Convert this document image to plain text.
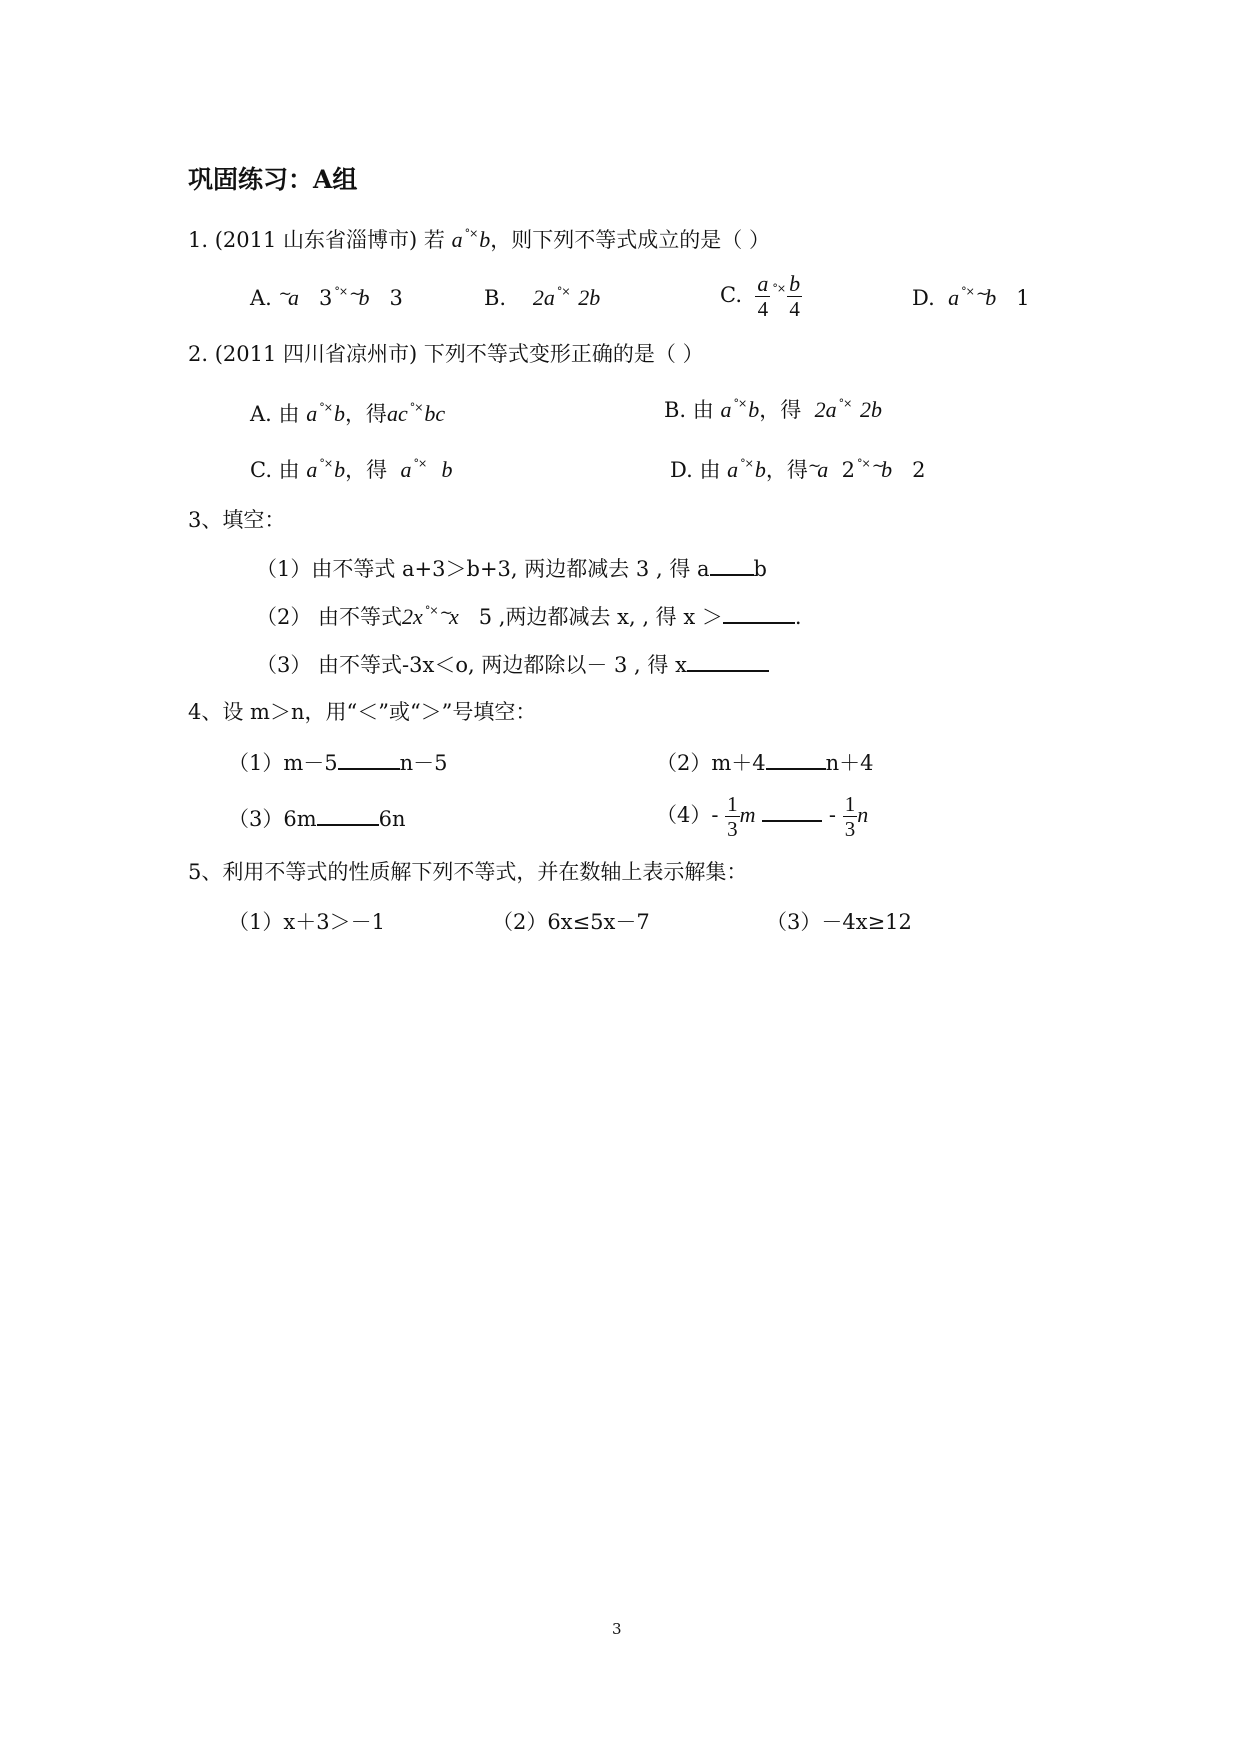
巩固练习：A组
1. (2011 山东省淄博市) 若 a °×b，则下列不等式成立的是（ ）
A. ~a 3 °× ~b 3	B. 2a °× 2b	C. $\frac{a}{4} ^{^\circ\times} \frac{b}{4}$	D. a °× ~b 1
2. (2011 四川省凉州市) 下列不等式变形正确的是（ ）
A. 由 a °×b，得ac °×bc	B. 由 a °×b，得 2a °× 2b
C. 由 a °×b，得 a °× b	D. 由 a °×b，得~a 2 °× ~b 2
3、填空：
（1）由不等式 a+3＞b+3, 两边都减去 3 , 得 a b
（2） 由不等式2x °× ~x 5 ,两边都减去 x, , 得 x ＞	.
（3） 由不等式-3x＜o, 两边都除以－ 3 , 得 x
4、设 m＞n，用“＜”或“＞”号填空：
（1）m－5	n－5	（2）m＋4	n＋4
（3）6m	6n	$(4)- \frac{1}{3}$ m	- $\frac{1}{3}$ n
5、利用不等式的性质解下列不等式，并在数轴上表示解集：
（1）x＋3＞－1	（2）6x≤5x－7	（3）－4x≥12
3
